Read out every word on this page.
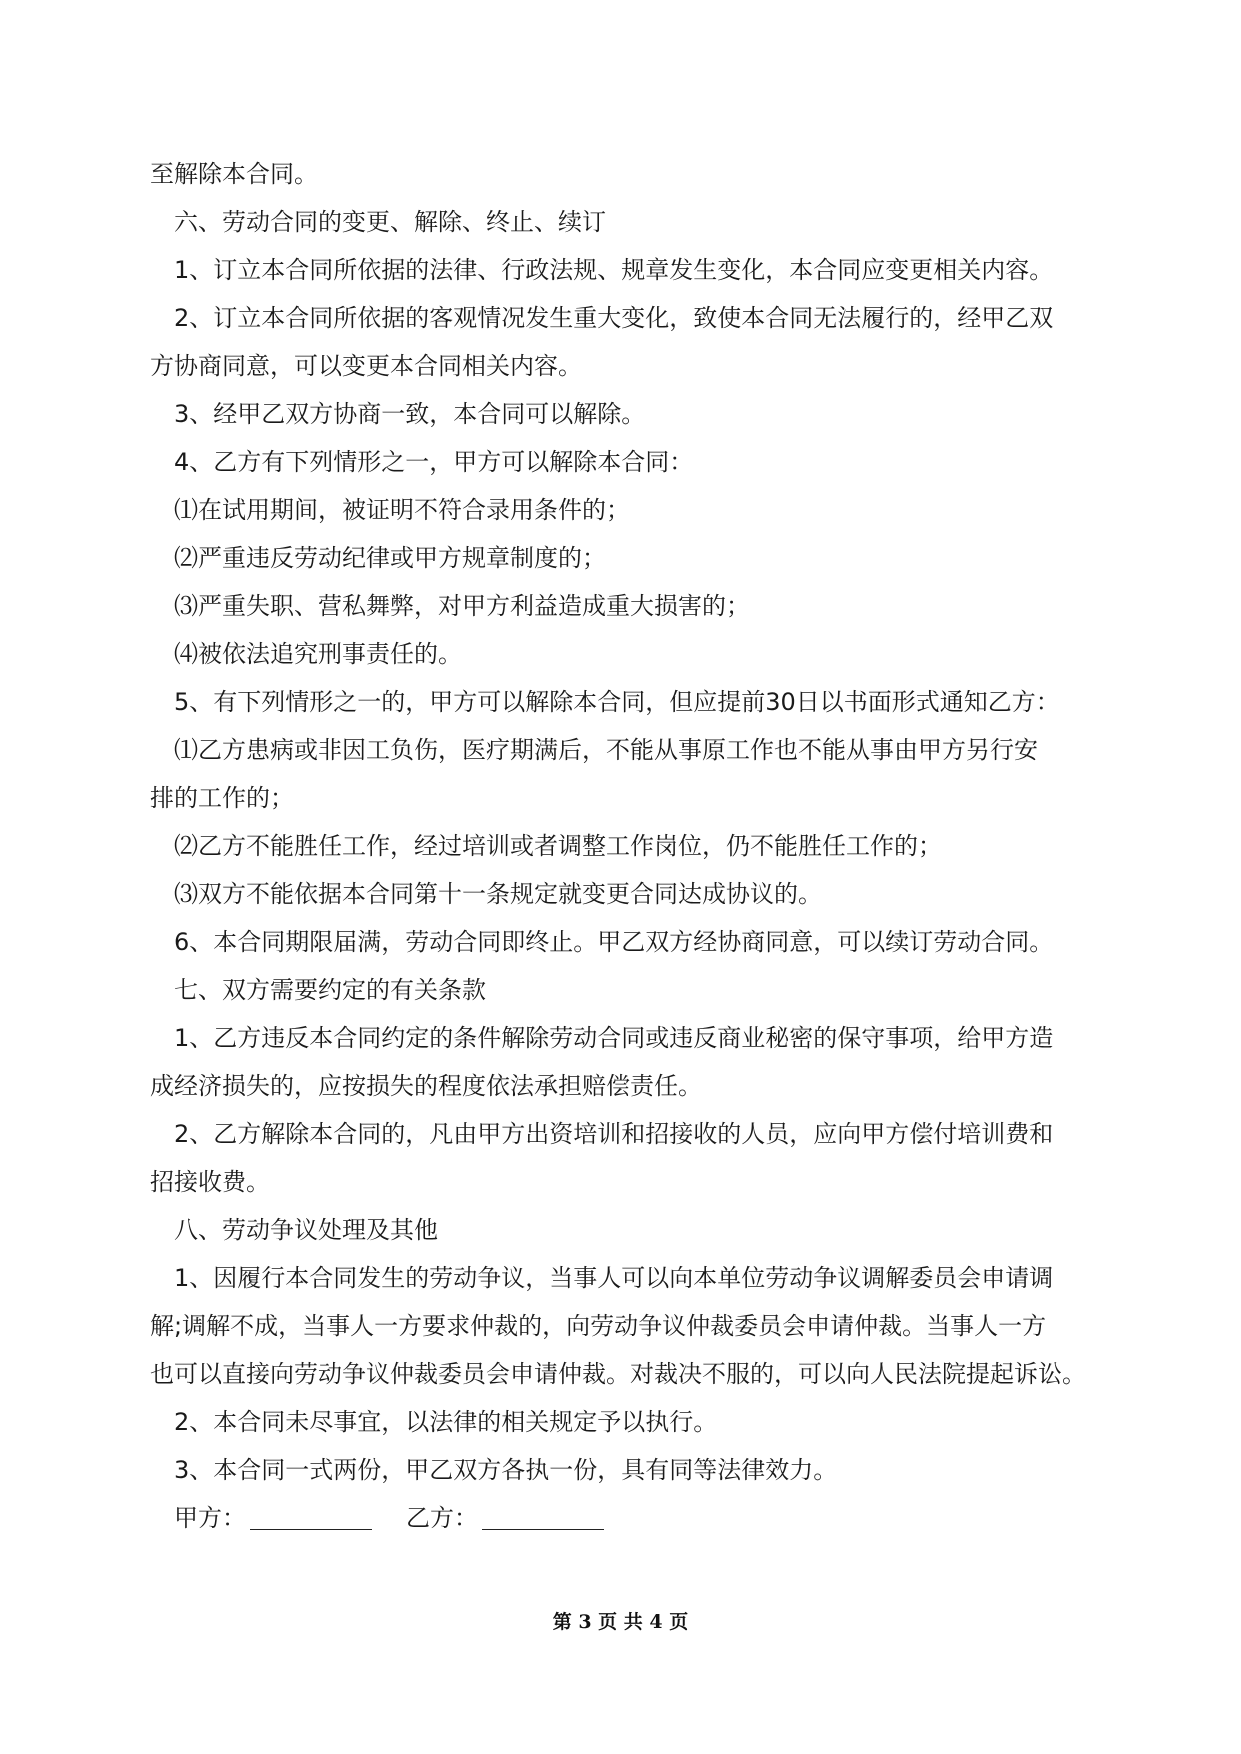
至解除本合同。
六、劳动合同的变更、解除、终止、续订
1、订立本合同所依据的法律、行政法规、规章发生变化，本合同应变更相关内容。
2、订立本合同所依据的客观情况发生重大变化，致使本合同无法履行的，经甲乙双
方协商同意，可以变更本合同相关内容。
3、经甲乙双方协商一致，本合同可以解除。
4、乙方有下列情形之一，甲方可以解除本合同：
⑴在试用期间，被证明不符合录用条件的；
⑵严重违反劳动纪律或甲方规章制度的；
⑶严重失职、营私舞弊，对甲方利益造成重大损害的；
⑷被依法追究刑事责任的。
5、有下列情形之一的，甲方可以解除本合同，但应提前30日以书面形式通知乙方：
⑴乙方患病或非因工负伤，医疗期满后，不能从事原工作也不能从事由甲方另行安
排的工作的；
⑵乙方不能胜任工作，经过培训或者调整工作岗位，仍不能胜任工作的；
⑶双方不能依据本合同第十一条规定就变更合同达成协议的。
6、本合同期限届满，劳动合同即终止。甲乙双方经协商同意，可以续订劳动合同。
七、双方需要约定的有关条款
1、乙方违反本合同约定的条件解除劳动合同或违反商业秘密的保守事项，给甲方造
成经济损失的，应按损失的程度依法承担赔偿责任。
2、乙方解除本合同的，凡由甲方出资培训和招接收的人员，应向甲方偿付培训费和
招接收费。
八、劳动争议处理及其他
1、因履行本合同发生的劳动争议，当事人可以向本单位劳动争议调解委员会申请调
解;调解不成，当事人一方要求仲裁的，向劳动争议仲裁委员会申请仲裁。当事人一方
也可以直接向劳动争议仲裁委员会申请仲裁。对裁决不服的，可以向人民法院提起诉讼。
2、本合同未尽事宜，以法律的相关规定予以执行。
3、本合同一式两份，甲乙双方各执一份，具有同等法律效力。
甲方：	乙方：
第 3 页 共 4 页
